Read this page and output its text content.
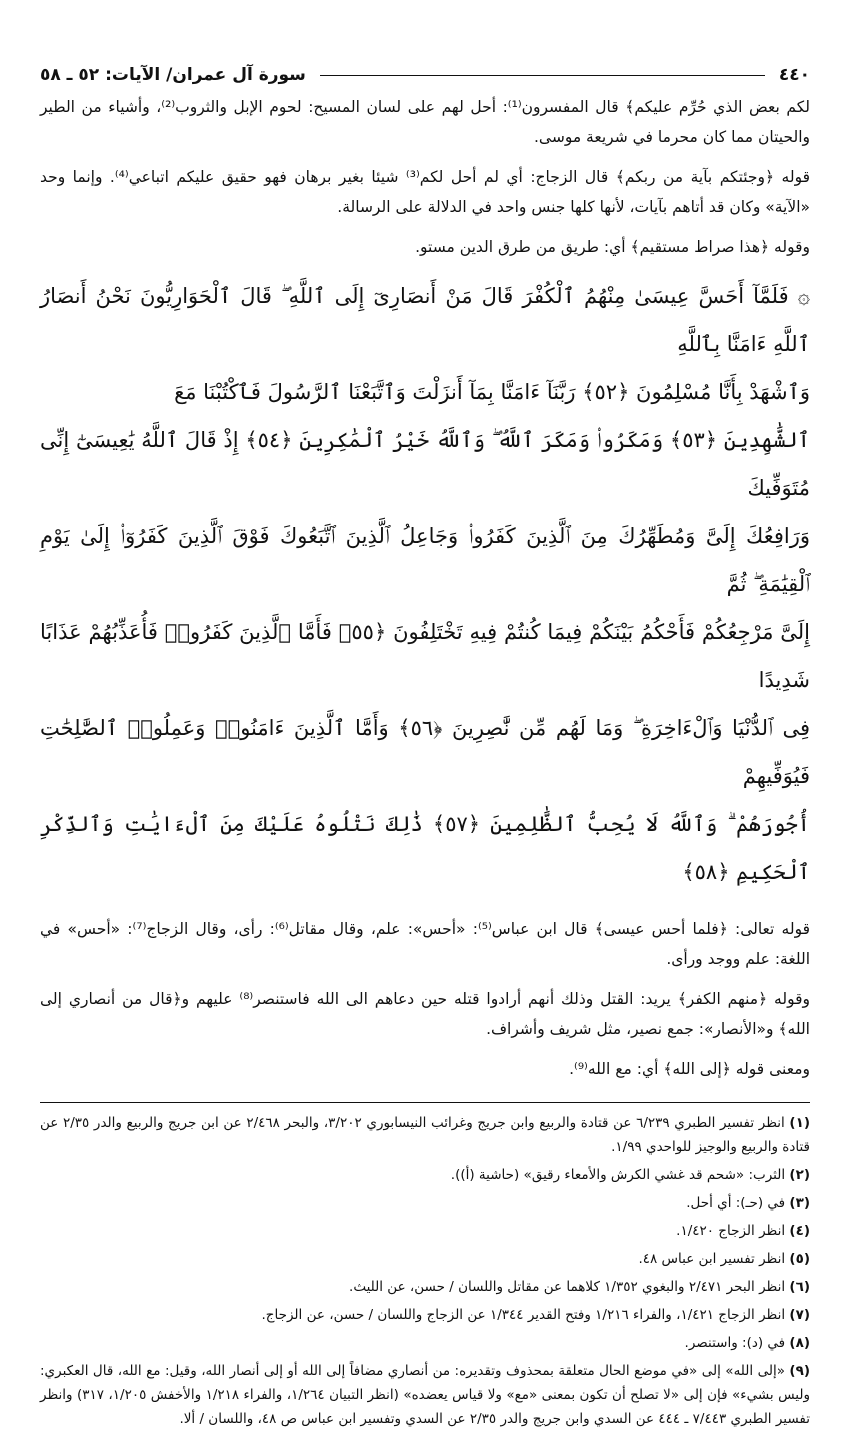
٤٤٠
سورة آل عمران/ الآيات: ٥٢ ـ ٥٨

لكم بعض الذي حُرِّم عليكم﴾ قال المفسرون⁽¹⁾: أحل لهم على لسان المسيح: لحوم الإبل والثروب⁽²⁾، وأشياء من الطير والحيتان مما كان محرما في شريعة موسى.

قوله ﴿وجئتكم بآية من ربكم﴾ قال الزجاج: أي لم أحل لكم⁽³⁾ شيئا بغير برهان فهو حقيق عليكم اتباعي⁽⁴⁾. وإنما وحد «الآية» وكان قد أتاهم بآيات، لأنها كلها جنس واحد في الدلالة على الرسالة.

وقوله ﴿هذا صراط مستقيم﴾ أي: طريق من طرق الدين مستو.

۞ فَلَمَّآ أَحَسَّ عِيسَىٰ مِنْهُمُ ٱلْكُفْرَ قَالَ مَنْ أَنصَارِىٓ إِلَى ٱللَّهِ ۖ قَالَ ٱلْحَوَارِيُّونَ نَحْنُ أَنصَارُ ٱللَّهِ ءَامَنَّا بِٱللَّهِ
وَٱشْهَدْ بِأَنَّا مُسْلِمُونَ ﴿٥٢﴾ رَبَّنَآ ءَامَنَّا بِمَآ أَنزَلْتَ وَٱتَّبَعْنَا ٱلرَّسُولَ فَٱكْتُبْنَا مَعَ
ٱلشَّٰهِدِينَ ﴿٥٣﴾ وَمَكَرُوا۟ وَمَكَرَ ٱللَّهُ ۖ وَٱللَّهُ خَيْرُ ٱلْمَٰكِرِينَ ﴿٥٤﴾ إِذْ قَالَ ٱللَّهُ يَٰعِيسَىٰٓ إِنِّى مُتَوَفِّيكَ
وَرَافِعُكَ إِلَىَّ وَمُطَهِّرُكَ مِنَ ٱلَّذِينَ كَفَرُوا۟ وَجَاعِلُ ٱلَّذِينَ ٱتَّبَعُوكَ فَوْقَ ٱلَّذِينَ كَفَرُوٓا۟ إِلَىٰ يَوْمِ ٱلْقِيَٰمَةِ ۖ ثُمَّ
إِلَىَّ مَرْجِعُكُمْ فَأَحْكُمُ بَيْنَكُمْ فِيمَا كُنتُمْ فِيهِ تَخْتَلِفُونَ ﴿٥٥﴾ فَأَمَّا ٱلَّذِينَ كَفَرُوا۟ فَأُعَذِّبُهُمْ عَذَابًا شَدِيدًا
فِى ٱلدُّنْيَا وَٱلْءَاخِرَةِ ۖ وَمَا لَهُم مِّن نَّٰصِرِينَ ﴿٥٦﴾ وَأَمَّا ٱلَّذِينَ ءَامَنُوا۟ وَعَمِلُوا۟ ٱلصَّٰلِحَٰتِ فَيُوَفِّيهِمْ
أُجُورَهُمْ ۗ وَٱللَّهُ لَا يُحِبُّ ٱلظَّٰلِمِينَ ﴿٥٧﴾ ذَٰلِكَ نَتْلُوهُ عَلَيْكَ مِنَ ٱلْءَايَٰتِ وَٱلذِّكْرِ ٱلْحَكِيمِ ﴿٥٨﴾

قوله تعالى: ﴿فلما أحس عيسى﴾ قال ابن عباس⁽⁵⁾: «أحس»: علم، وقال مقاتل⁽⁶⁾: رأى، وقال الزجاج⁽⁷⁾: «أحس» في اللغة: علم ووجد ورأى.

وقوله ﴿منهم الكفر﴾ يريد: القتل وذلك أنهم أرادوا قتله حين دعاهم الى الله فاستنصر⁽⁸⁾ عليهم و﴿قال من أنصاري إلى الله﴾ و«الأنصار»: جمع نصير، مثل شريف وأشراف.

ومعنى قوله ﴿إلى الله﴾ أي: مع الله⁽⁹⁾.

(١) انظر تفسير الطبري ٦/٢٣٩ عن قتادة والربيع وابن جريج وغرائب النيسابوري ٣/٢٠٢، والبحر ٢/٤٦٨ عن ابن جريج والربيع والدر ٢/٣٥ عن قتادة والربيع والوجيز للواحدي ١/٩٩.

(٢) الثرب: «شحم قد غشي الكرش والأمعاء رقيق» (حاشية (أ)).

(٣) في (حـ): أي أحل.

(٤) انظر الزجاج ١/٤٢٠.

(٥) انظر تفسير ابن عباس ٤٨.

(٦) انظر البحر ٢/٤٧١ والبغوي ١/٣٥٢ كلاهما عن مقاتل واللسان / حسن، عن الليث.

(٧) انظر الزجاج ١/٤٢١، والفراء ١/٢١٦ وفتح القدير ١/٣٤٤ عن الزجاج واللسان / حسن، عن الزجاج.

(٨) في (د): واستنصر.

(٩) «إلى الله» إلى «في موضع الحال متعلقة بمحذوف وتقديره: من أنصاري مضافاً إلى الله أو إلى أنصار الله، وقيل: مع الله، قال العكبري: وليس بشيء» فإن إلى «لا تصلح أن تكون بمعنى «مع» ولا قياس يعضده» (انظر التبيان ١/٢٦٤، والفراء ١/٢١٨ والأخفش ١/٢٠٥، ٣١٧) وانظر تفسير الطبري ٧/٤٤٣ ـ ٤٤٤ عن السدي وابن جريج والدر ٢/٣٥ عن السدي وتفسير ابن عباس ص ٤٨، واللسان / ألا.
